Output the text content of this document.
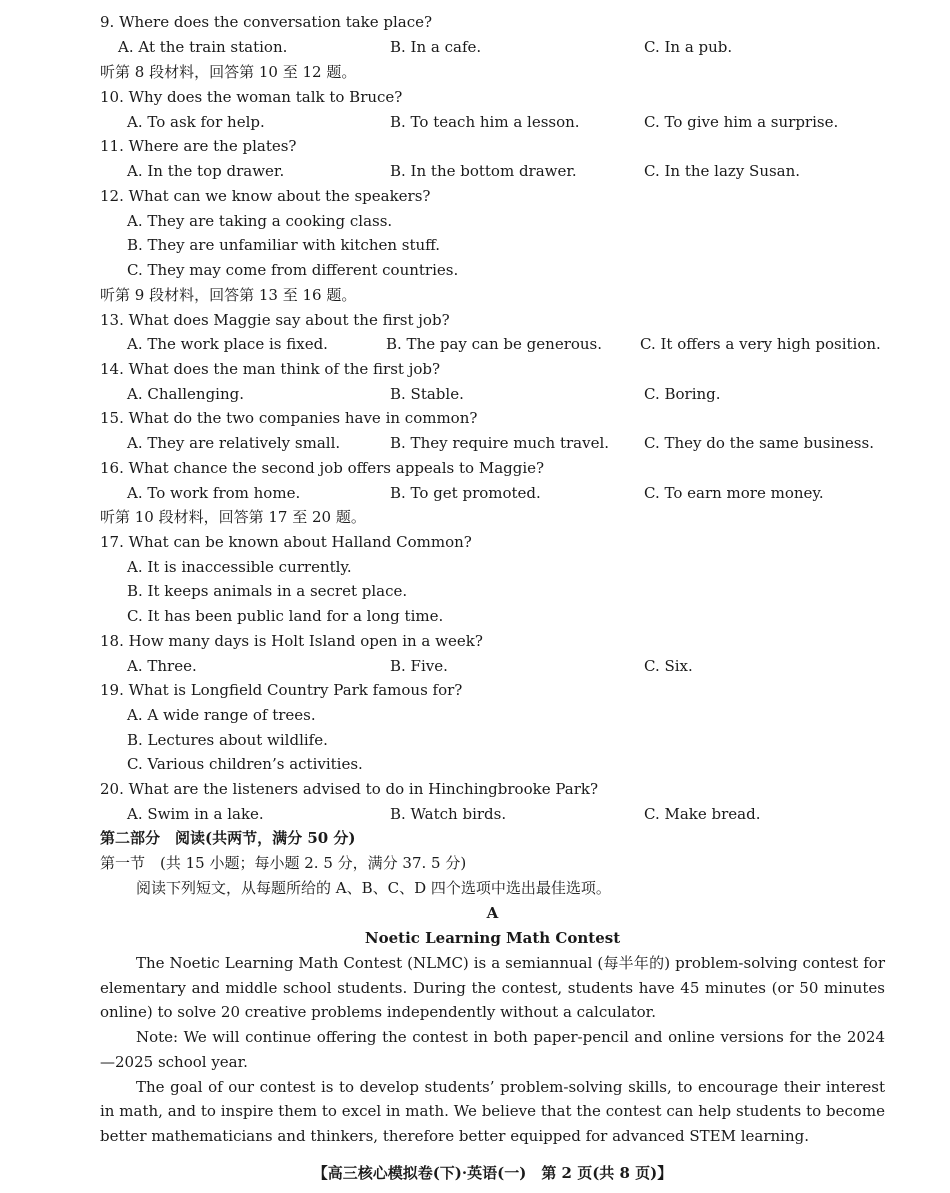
9. Where does the conversation take place?
A. At the train station.	B. In a cafe.	C. In a pub.
听第 8 段材料，回答第 10 至 12 题。
10. Why does the woman talk to Bruce?
A. To ask for help.	B. To teach him a lesson.	C. To give him a surprise.
11. Where are the plates?
A. In the top drawer.	B. In the bottom drawer.	C. In the lazy Susan.
12. What can we know about the speakers?
A. They are taking a cooking class.
B. They are unfamiliar with kitchen stuff.
C. They may come from different countries.
听第 9 段材料，回答第 13 至 16 题。
13. What does Maggie say about the first job?
A. The work place is fixed.	B. The pay can be generous.	C. It offers a very high position.
14. What does the man think of the first job?
A. Challenging.	B. Stable.	C. Boring.
15. What do the two companies have in common?
A. They are relatively small.	B. They require much travel. C. They do the same business.
16. What chance the second job offers appeals to Maggie?
A. To work from home.	B. To get promoted.	C. To earn more money.
听第 10 段材料，回答第 17 至 20 题。
17. What can be known about Halland Common?
A. It is inaccessible currently.
B. It keeps animals in a secret place.
C. It has been public land for a long time.
18. How many days is Holt Island open in a week?
A. Three.	B. Five.	C. Six.
19. What is Longfield Country Park famous for?
A. A wide range of trees.
B. Lectures about wildlife.
C. Various children’s activities.
20. What are the listeners advised to do in Hinchingbrooke Park?
A. Swim in a lake.	B. Watch birds.	C. Make bread.
第二部分　阅读(共两节，满分 50 分)
第一节　(共 15 小题；每小题 2. 5 分，满分 37. 5 分)
阅读下列短文，从每题所给的 A、B、C、D 四个选项中选出最佳选项。
A
Noetic Learning Math Contest

The Noetic Learning Math Contest (NLMC) is a semiannual (每半年的) problem-solving contest for elementary and middle school students. During the contest, students have 45 minutes (or 50 minutes online) to solve 20 creative problems independently without a calculator.

Note: We will continue offering the contest in both paper-pencil and online versions for the 2024—2025 school year.

The goal of our contest is to develop students’ problem-solving skills, to encourage their interest in math, and to inspire them to excel in math. We believe that the contest can help students to become better mathematicians and thinkers, therefore better equipped for advanced STEM learning.

【高三核心模拟卷(下)·英语(一)　第 2 页(共 8 页)】
